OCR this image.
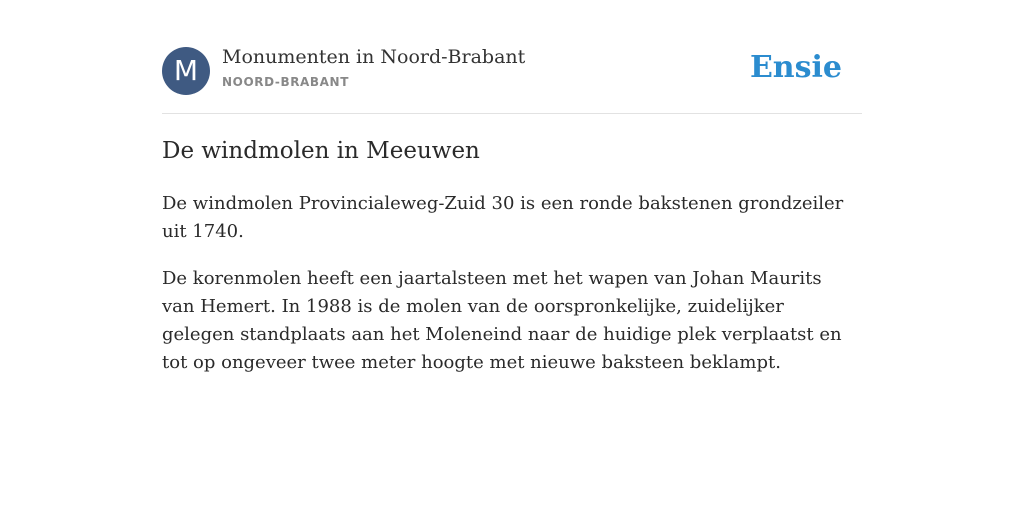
M	Monumenten in Noord-Brabant
NOORD-BRABANT	Ensie
De windmolen in Meeuwen

De windmolen Provincialeweg-Zuid 30 is een ronde bakstenen grondzeiler uit 1740.

De korenmolen heeft een jaartalsteen met het wapen van Johan Maurits van Hemert. In 1988 is de molen van de oorspronkelijke, zuidelijker gelegen standplaats aan het Moleneind naar de huidige plek verplaatst en tot op ongeveer twee meter hoogte met nieuwe baksteen beklampt.
